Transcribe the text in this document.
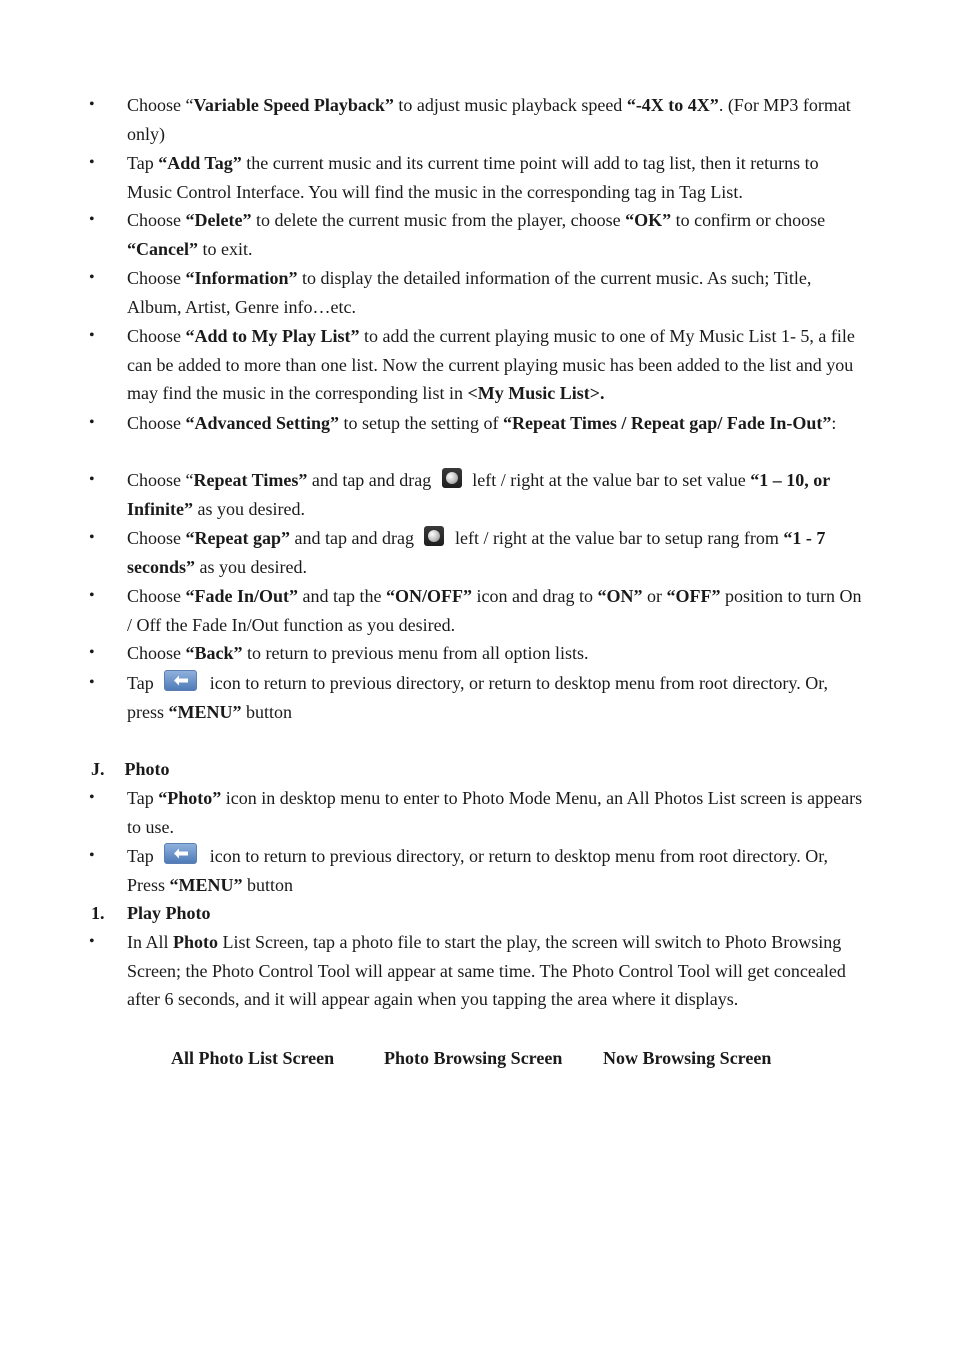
• Choose “Variable Speed Playback” to adjust music playback speed “-4X to 4X”. (For MP3 format only)
• Tap “Add Tag” the current music and its current time point will add to tag list, then it returns to Music Control Interface. You will find the music in the corresponding tag in Tag List.
• Choose “Delete” to delete the current music from the player, choose “OK” to confirm or choose “Cancel” to exit.
• Choose “Information” to display the detailed information of the current music. As such; Title, Album, Artist, Genre info…etc.
• Choose “Add to My Play List” to add the current playing music to one of My Music List 1- 5, a file can be added to more than one list. Now the current playing music has been added to the list and you may find the music in the corresponding list in <My Music List>.
• Choose “Advanced Setting” to setup the setting of “Repeat Times / Repeat gap/ Fade In-Out”:
• Choose “Repeat Times” and tap and drag  left / right at the value bar to set value “1 – 10, or Infinite” as you desired.
• Choose “Repeat gap” and tap and drag  left / right at the value bar to setup rang from “1 - 7 seconds” as you desired.
• Choose “Fade In/Out” and tap the “ON/OFF” icon and drag to “ON” or “OFF” position to turn On / Off the Fade In/Out function as you desired.
• Choose “Back” to return to previous menu from all option lists.
• Tap	icon to return to previous directory, or return to desktop menu from root directory. Or, press “MENU” button
J. Photo
• Tap “Photo” icon in desktop menu to enter to Photo Mode Menu, an All Photos List screen is appears to use.
• Tap	icon to return to previous directory, or return to desktop menu from root directory. Or, Press “MENU” button
1. Play Photo
• In All Photo List Screen, tap a photo file to start the play, the screen will switch to Photo Browsing Screen; the Photo Control Tool will appear at same time. The Photo Control Tool will get concealed after 6 seconds, and it will appear again when you tapping the area where it displays.
All Photo List Screen	Photo Browsing Screen Now Browsing Screen
